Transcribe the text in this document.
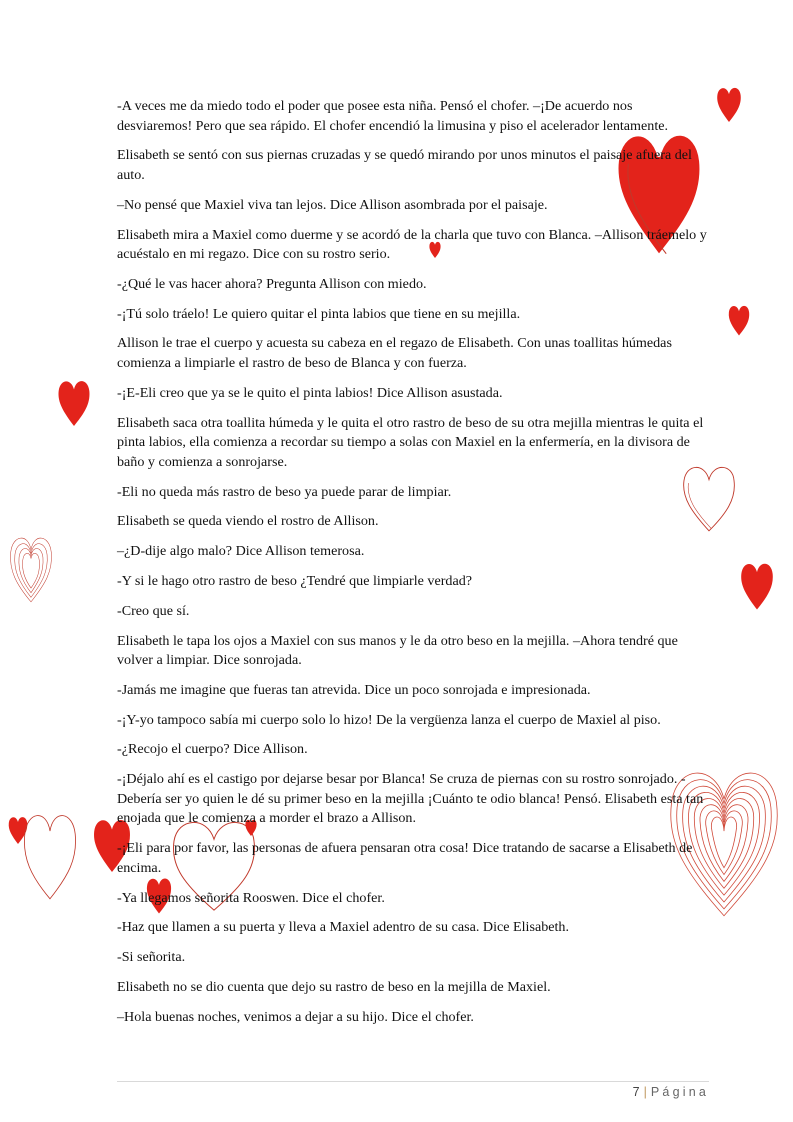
-A veces me da miedo todo el poder que posee esta niña. Pensó el chofer. –¡De acuerdo nos desviaremos! Pero que sea rápido. El chofer encendió la limusina y piso el acelerador lentamente.

Elisabeth se sentó con sus piernas cruzadas y se quedó mirando por unos minutos el paisaje afuera del auto.

–No pensé que Maxiel viva tan lejos. Dice Allison asombrada por el paisaje.

Elisabeth mira a Maxiel como duerme y se acordó de la charla que tuvo con Blanca. –Allison tráemelo y acuéstalo en mi regazo. Dice con su rostro serio.

-¿Qué le vas hacer ahora? Pregunta Allison con miedo.

-¡Tú solo tráelo! Le quiero quitar el pinta labios que tiene en su mejilla.

Allison le trae el cuerpo y acuesta su cabeza en el regazo de Elisabeth. Con unas toallitas húmedas comienza a limpiarle el rastro de beso de Blanca y con fuerza.

-¡E-Eli creo que ya se le quito el pinta labios! Dice Allison asustada.

Elisabeth saca otra toallita húmeda y le quita el otro rastro de beso de su otra mejilla mientras le quita el pinta labios, ella comienza a recordar su tiempo a solas con Maxiel en la enfermería, en la divisora de baño y comienza a sonrojarse.

-Eli no queda más rastro de beso ya puede parar de limpiar.

Elisabeth se queda viendo el rostro de Allison.

–¿D-dije algo malo? Dice Allison temerosa.

-Y si le hago otro rastro de beso ¿Tendré que limpiarle verdad?

-Creo que sí.

Elisabeth le tapa los ojos a Maxiel con sus manos y le da otro beso en la mejilla. –Ahora tendré que volver a limpiar. Dice sonrojada.

-Jamás me imagine que fueras tan atrevida. Dice un poco sonrojada e impresionada.

-¡Y-yo tampoco sabía mi cuerpo solo lo hizo! De la vergüenza lanza el cuerpo de Maxiel al piso.

-¿Recojo el cuerpo? Dice Allison.

-¡Déjalo ahí es el castigo por dejarse besar por Blanca! Se cruza de piernas con su rostro sonrojado. -Debería ser yo quien le dé su primer beso en la mejilla ¡Cuánto te odio blanca! Pensó. Elisabeth esta tan enojada que le comienza a morder el brazo a Allison.

-¡Eli para por favor, las personas de afuera pensaran otra cosa! Dice tratando de sacarse a Elisabeth de encima.

-Ya llegamos señorita Rooswen. Dice el chofer.

-Haz que llamen a su puerta y lleva a Maxiel adentro de su casa. Dice Elisabeth.

-Si señorita.

Elisabeth no se dio cuenta que dejo su rastro de beso en la mejilla de Maxiel.

–Hola buenas noches, venimos a dejar a su hijo. Dice el chofer.

7 | Página
